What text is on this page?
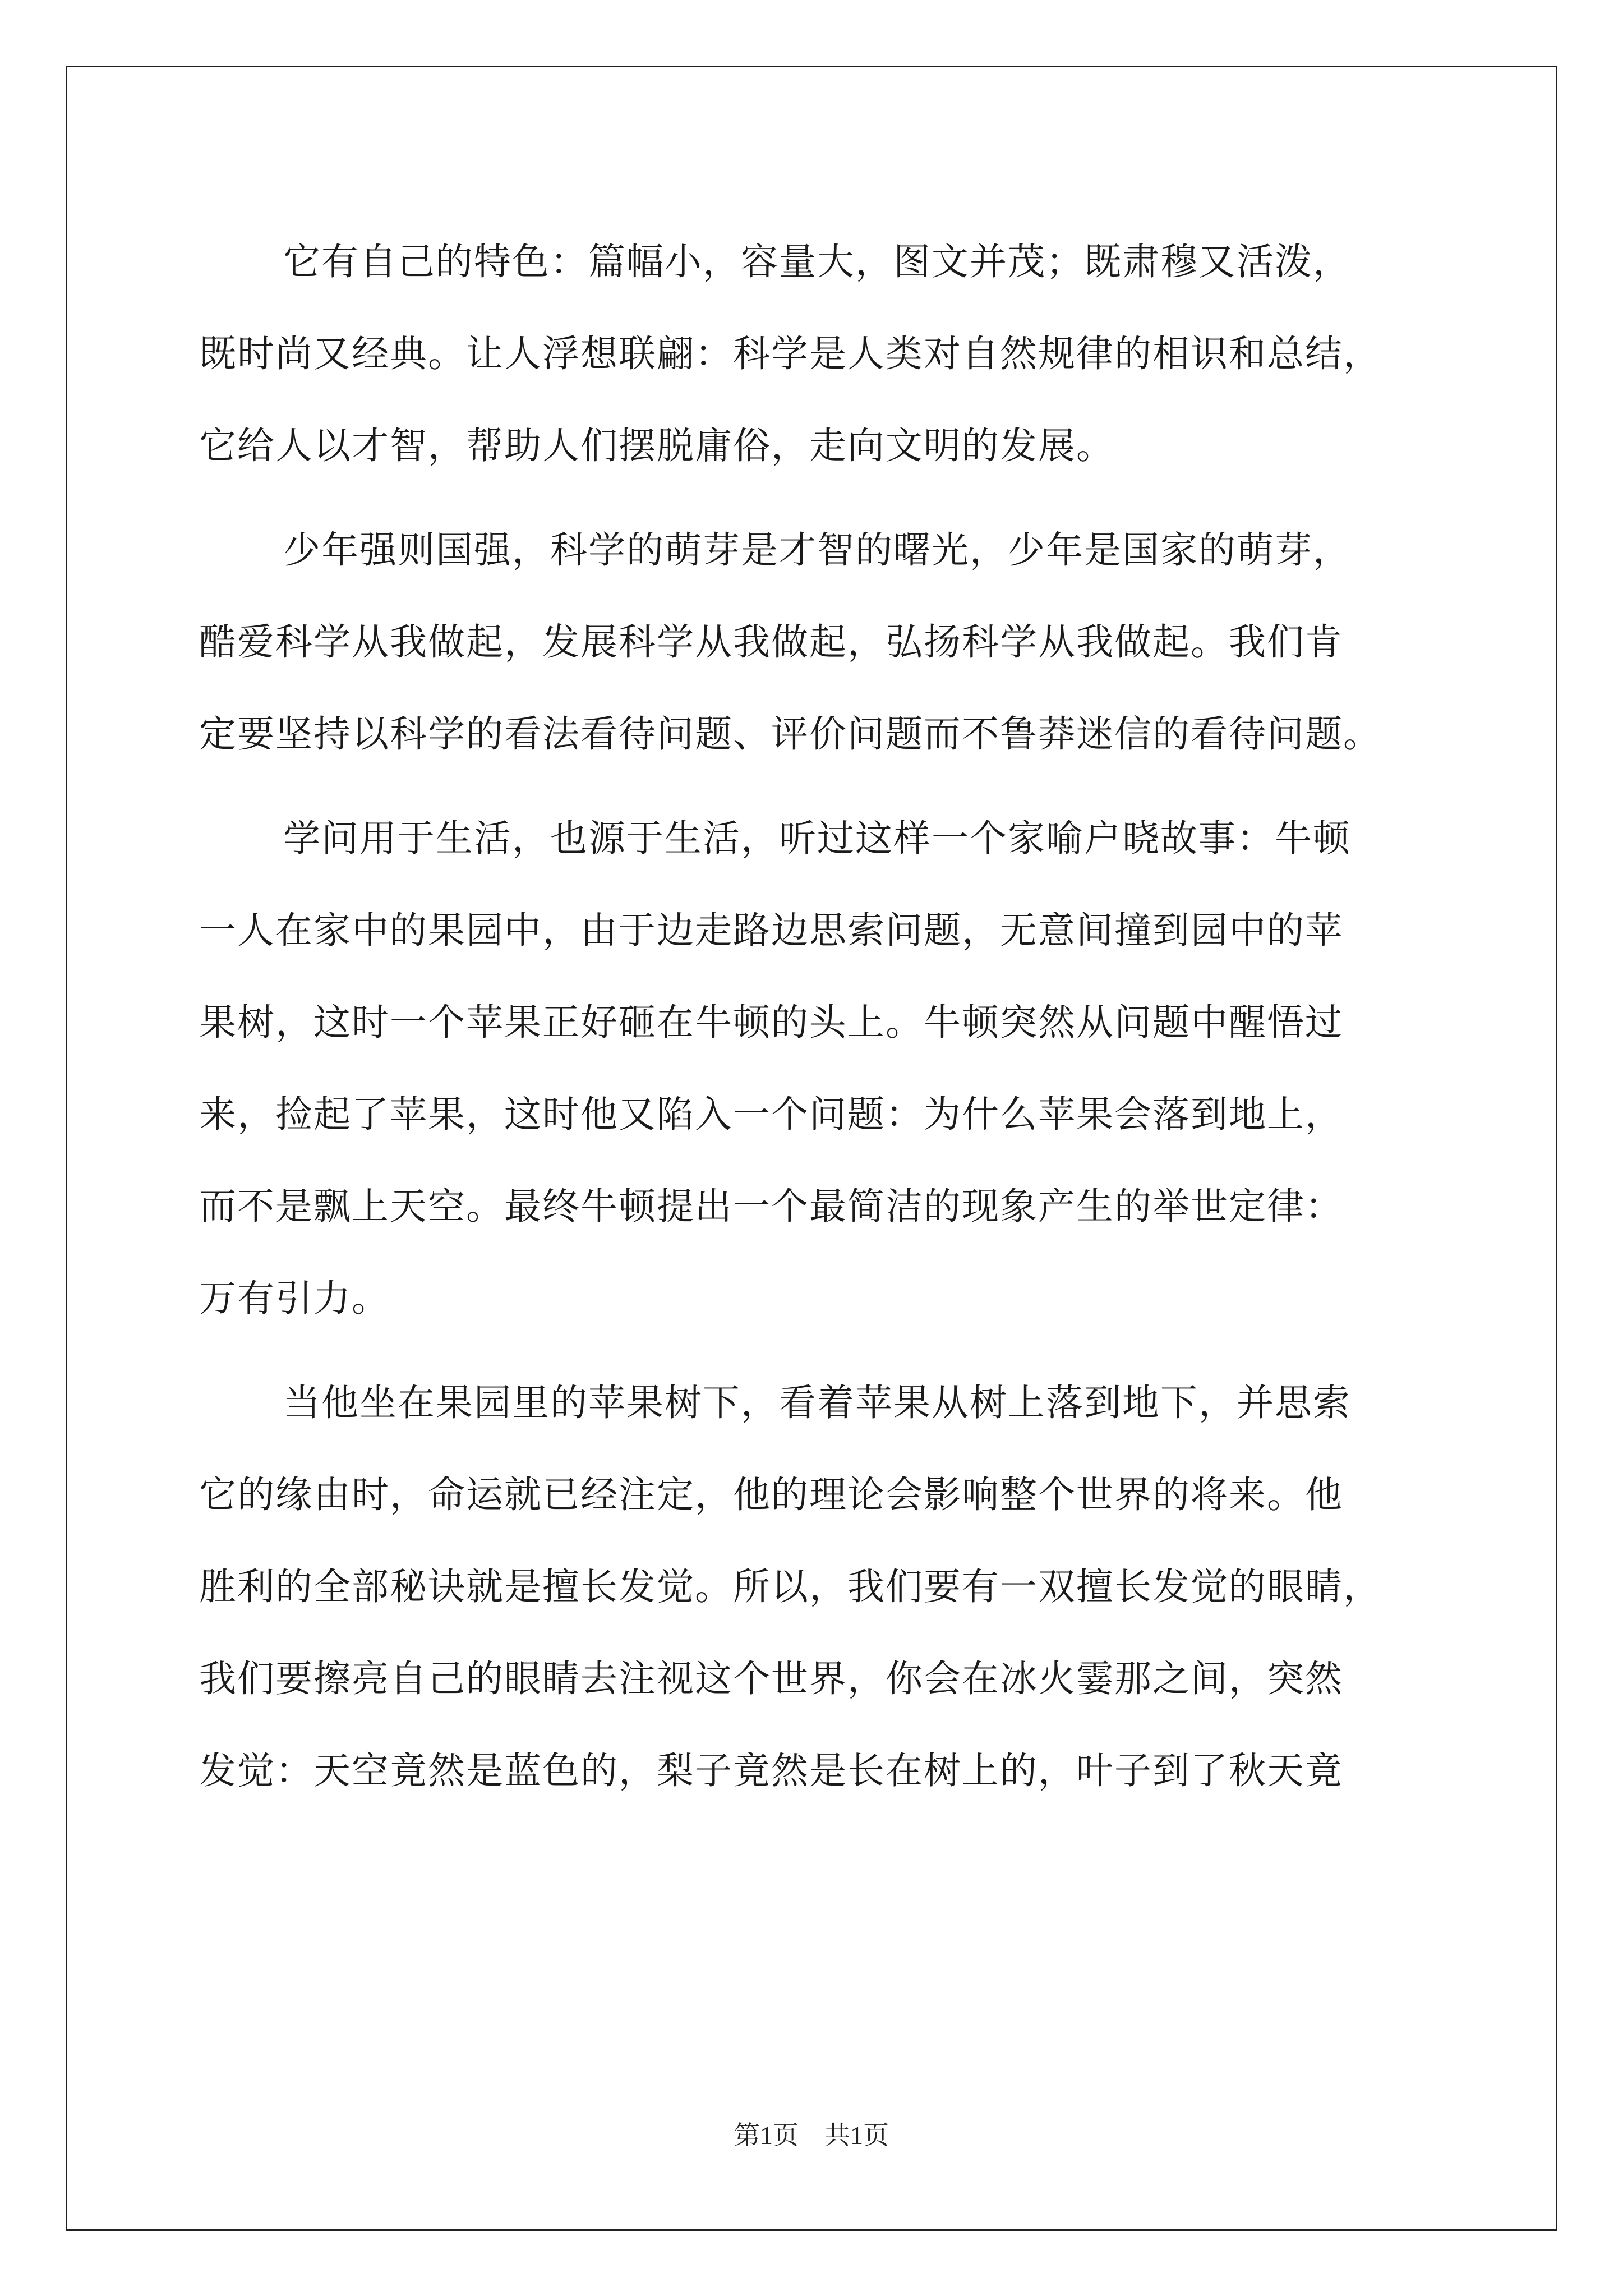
它有自己的特色：篇幅小，容量大，图文并茂；既肃穆又活泼，
既时尚又经典。让人浮想联翩：科学是人类对自然规律的相识和总结，
它给人以才智，帮助人们摆脱庸俗，走向文明的发展。
少年强则国强，科学的萌芽是才智的曙光，少年是国家的萌芽，
酷爱科学从我做起，发展科学从我做起，弘扬科学从我做起。我们肯
定要坚持以科学的看法看待问题、评价问题而不鲁莽迷信的看待问题。
学问用于生活，也源于生活，听过这样一个家喻户晓故事：牛顿
一人在家中的果园中，由于边走路边思索问题，无意间撞到园中的苹
果树，这时一个苹果正好砸在牛顿的头上。牛顿突然从问题中醒悟过
来，捡起了苹果，这时他又陷入一个问题：为什么苹果会落到地上，
而不是飘上天空。最终牛顿提出一个最简洁的现象产生的举世定律：
万有引力。
当他坐在果园里的苹果树下，看着苹果从树上落到地下，并思索
它的缘由时，命运就已经注定，他的理论会影响整个世界的将来。他
胜利的全部秘诀就是擅长发觉。所以，我们要有一双擅长发觉的眼睛，
我们要擦亮自己的眼睛去注视这个世界，你会在冰火霎那之间，突然
发觉：天空竟然是蓝色的，梨子竟然是长在树上的，叶子到了秋天竟
第1页　共1页
